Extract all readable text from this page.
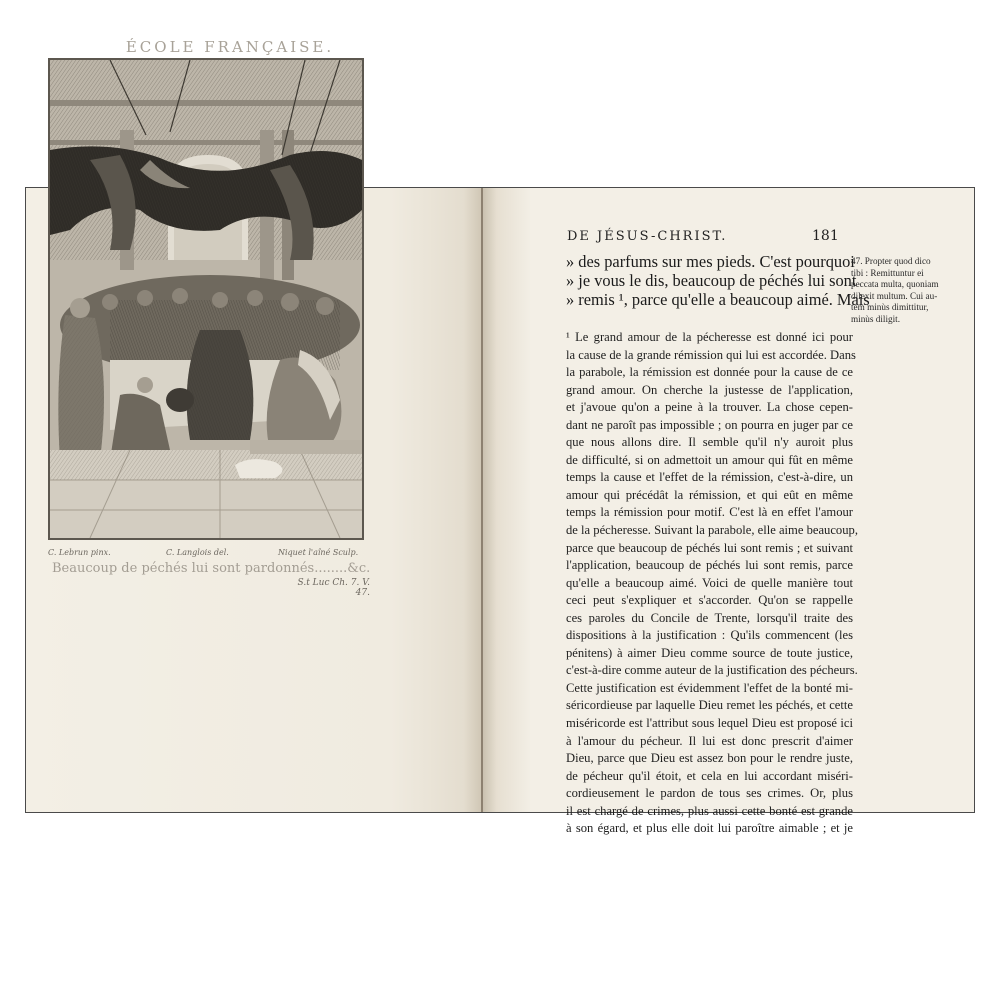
ÉCOLE FRANÇAISE.
C. Lebrun pinx.	C. Langlois del.	Niquet l'aîné Sculp.
Beaucoup de péchés lui sont pardonnés........&c.
S.t Luc Ch. 7. V. 47.
DE JÉSUS-CHRIST.	181
» des parfums sur mes pieds. C'est pourquoi
» je vous le dis, beaucoup de péchés lui sont
» remis ¹, parce qu'elle a beaucoup aimé. Mais
47. Propter quod dico
tibi : Remittuntur ei
peccata multa, quoniam
dilexit multum. Cui au-
tem minùs dimittitur,
minùs diligit.
¹ Le grand amour de la pécheresse est donné ici pour
la cause de la grande rémission qui lui est accordée. Dans
la parabole, la rémission est donnée pour la cause de ce
grand amour. On cherche la justesse de l'application,
et j'avoue qu'on a peine à la trouver. La chose cepen-
dant ne paroît pas impossible ; on pourra en juger par ce
que nous allons dire. Il semble qu'il n'y auroit plus
de difficulté, si on admettoit un amour qui fût en même
temps la cause et l'effet de la rémission, c'est-à-dire, un
amour qui précédât la rémission, et qui eût en même
temps la rémission pour motif. C'est là en effet l'amour
de la pécheresse. Suivant la parabole, elle aime beaucoup,
parce que beaucoup de péchés lui sont remis ; et suivant
l'application, beaucoup de péchés lui sont remis, parce
qu'elle a beaucoup aimé. Voici de quelle manière tout
ceci peut s'expliquer et s'accorder. Qu'on se rappelle
ces paroles du Concile de Trente, lorsqu'il traite des
dispositions à la justification : Qu'ils commencent (les
pénitens) à aimer Dieu comme source de toute justice,
c'est-à-dire comme auteur de la justification des pécheurs.
Cette justification est évidemment l'effet de la bonté mi-
séricordieuse par laquelle Dieu remet les péchés, et cette
miséricorde est l'attribut sous lequel Dieu est proposé ici
à l'amour du pécheur. Il lui est donc prescrit d'aimer
Dieu, parce que Dieu est assez bon pour le rendre juste,
de pécheur qu'il étoit, et cela en lui accordant miséri-
cordieusement le pardon de tous ses crimes. Or, plus
il est chargé de crimes, plus aussi cette bonté est grande
à son égard, et plus elle doit lui paroître aimable ; et je
